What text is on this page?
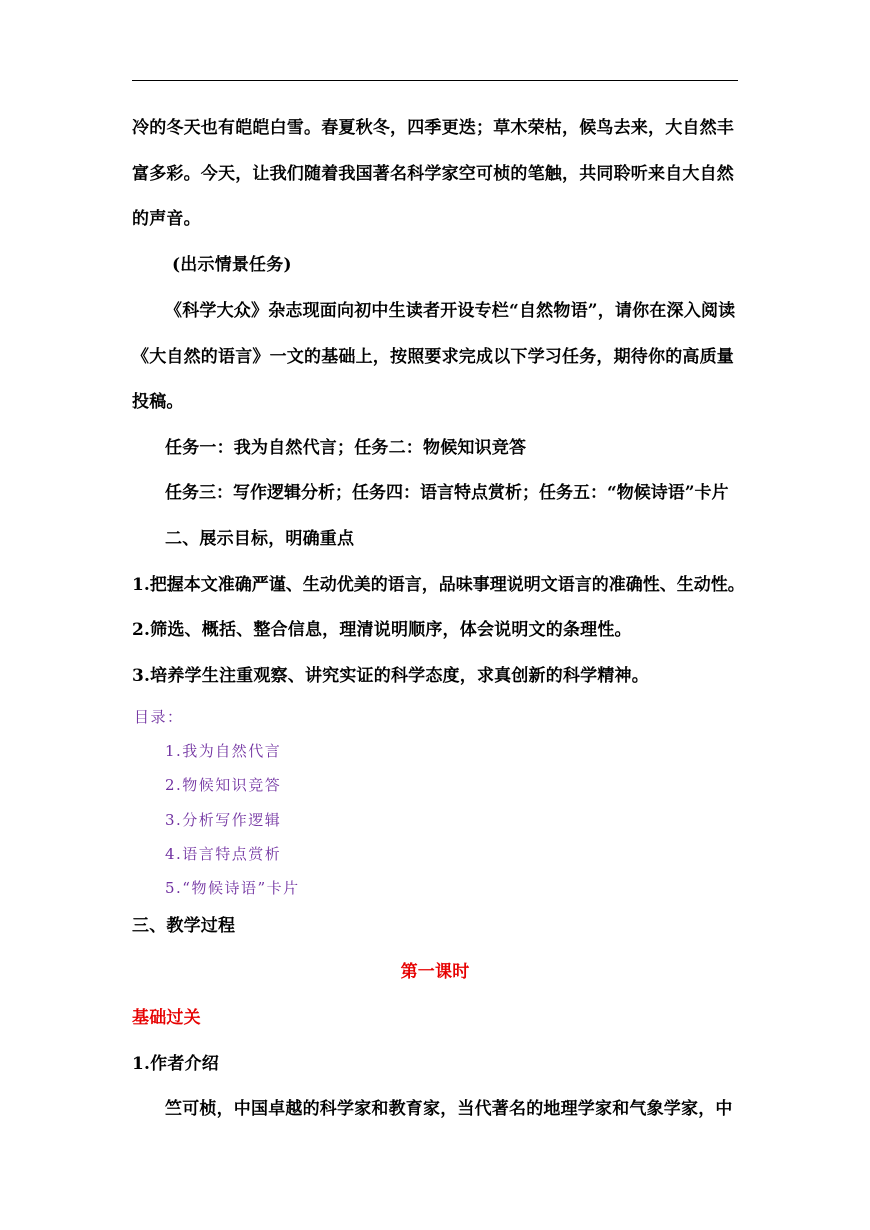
冷的冬天也有皑皑白雪。春夏秋冬，四季更迭；草木荣枯，候鸟去来，大自然丰
富多彩。今天，让我们随着我国著名科学家空可桢的笔触，共同聆听来自大自然
的声音。
(出示情景任务)
《科学大众》杂志现面向初中生读者开设专栏“自然物语”，请你在深入阅读
《大自然的语言》一文的基础上，按照要求完成以下学习任务，期待你的高质量
投稿。
任务一：我为自然代言；任务二：物候知识竞答
任务三：写作逻辑分析；任务四：语言特点赏析；任务五：“物候诗语”卡片
二、展示目标，明确重点
1.把握本文准确严谨、生动优美的语言，品味事理说明文语言的准确性、生动性。
2.筛选、概括、整合信息，理清说明顺序，体会说明文的条理性。
3.培养学生注重观察、讲究实证的科学态度，求真创新的科学精神。
目录：
1.我为自然代言
2.物候知识竞答
3.分析写作逻辑
4.语言特点赏析
5.“物候诗语”卡片
三、教学过程
第一课时
基础过关
1.作者介绍
竺可桢，中国卓越的科学家和教育家，当代著名的地理学家和气象学家，中
